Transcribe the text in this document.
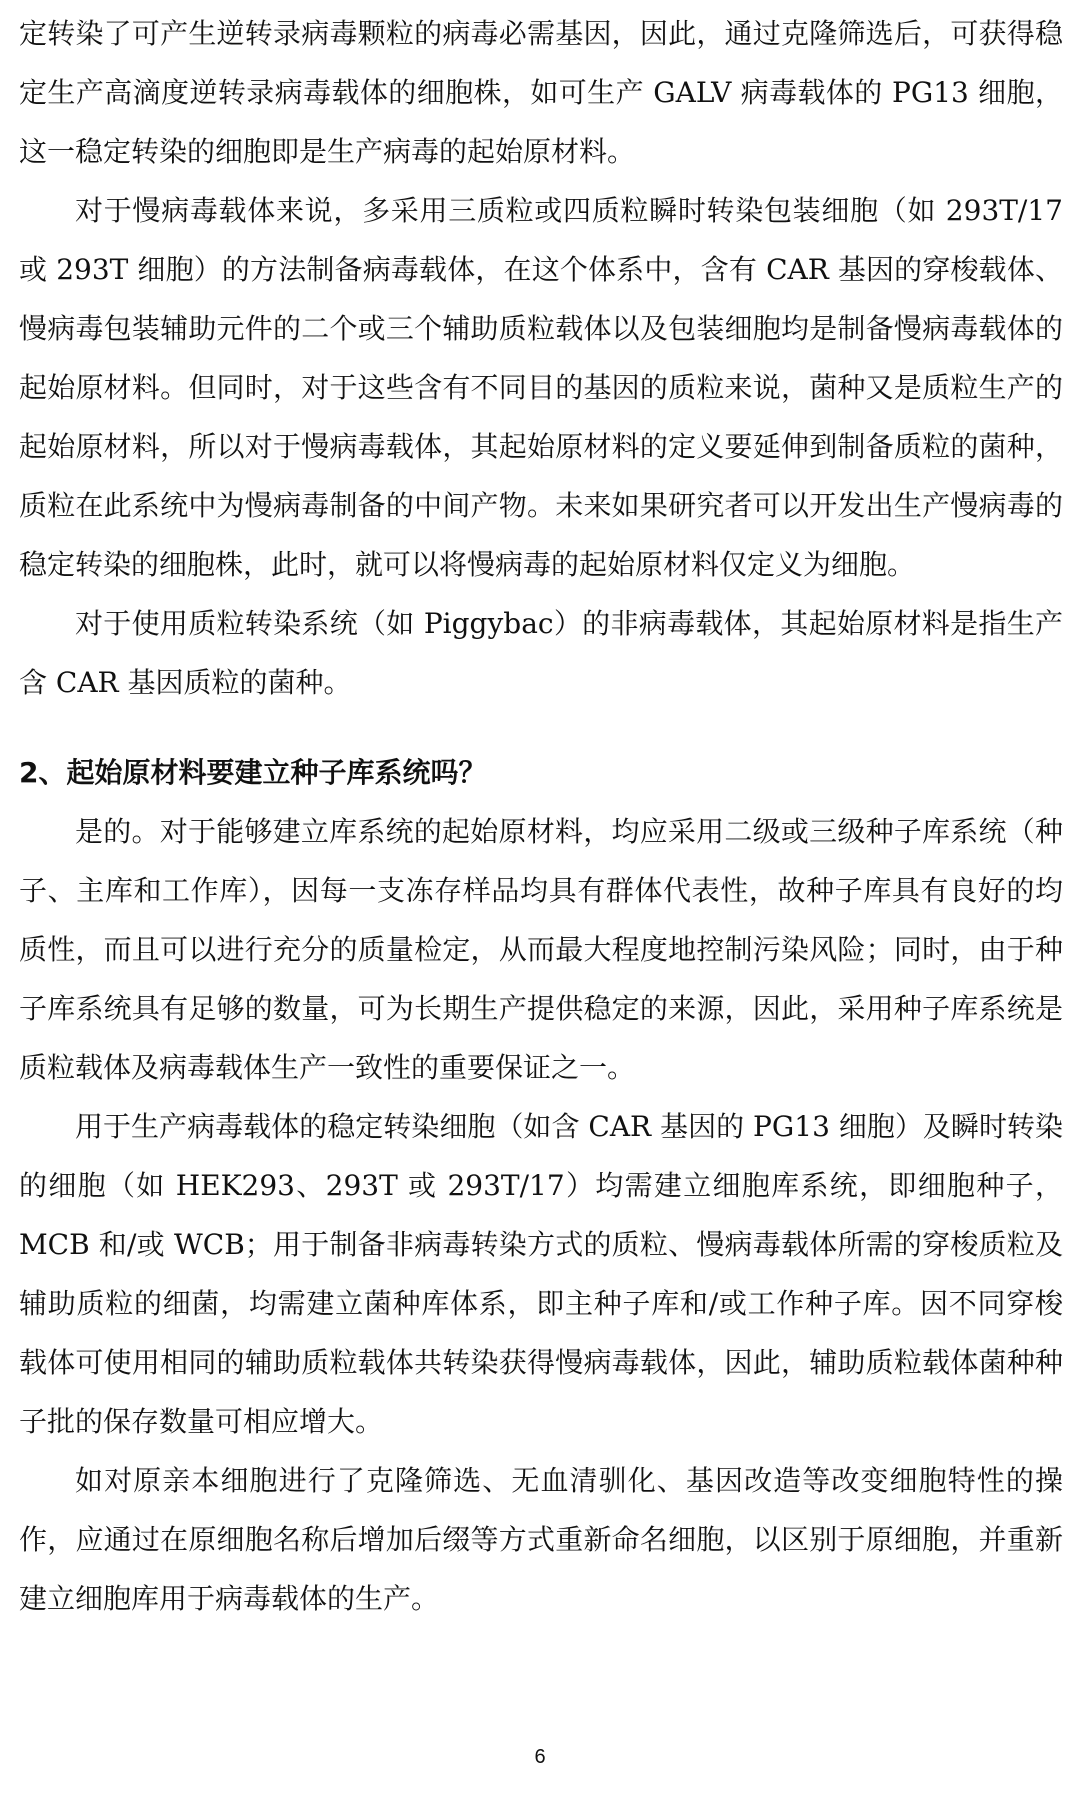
定转染了可产生逆转录病毒颗粒的病毒必需基因，因此，通过克隆筛选后，可获得稳定生产高滴度逆转录病毒载体的细胞株，如可生产 GALV 病毒载体的 PG13 细胞，这一稳定转染的细胞即是生产病毒的起始原材料。

对于慢病毒载体来说，多采用三质粒或四质粒瞬时转染包装细胞（如 293T/17 或 293T 细胞）的方法制备病毒载体，在这个体系中，含有 CAR 基因的穿梭载体、慢病毒包装辅助元件的二个或三个辅助质粒载体以及包装细胞均是制备慢病毒载体的起始原材料。但同时，对于这些含有不同目的基因的质粒来说，菌种又是质粒生产的起始原材料，所以对于慢病毒载体，其起始原材料的定义要延伸到制备质粒的菌种，质粒在此系统中为慢病毒制备的中间产物。未来如果研究者可以开发出生产慢病毒的稳定转染的细胞株，此时，就可以将慢病毒的起始原材料仅定义为细胞。

对于使用质粒转染系统（如 Piggybac）的非病毒载体，其起始原材料是指生产含 CAR 基因质粒的菌种。

2、起始原材料要建立种子库系统吗？

是的。对于能够建立库系统的起始原材料，均应采用二级或三级种子库系统（种子、主库和工作库），因每一支冻存样品均具有群体代表性，故种子库具有良好的均质性，而且可以进行充分的质量检定，从而最大程度地控制污染风险；同时，由于种子库系统具有足够的数量，可为长期生产提供稳定的来源，因此，采用种子库系统是质粒载体及病毒载体生产一致性的重要保证之一。

用于生产病毒载体的稳定转染细胞（如含 CAR 基因的 PG13 细胞）及瞬时转染的细胞（如 HEK293、293T 或 293T/17）均需建立细胞库系统，即细胞种子，MCB 和/或 WCB；用于制备非病毒转染方式的质粒、慢病毒载体所需的穿梭质粒及辅助质粒的细菌，均需建立菌种库体系，即主种子库和/或工作种子库。因不同穿梭载体可使用相同的辅助质粒载体共转染获得慢病毒载体，因此，辅助质粒载体菌种种子批的保存数量可相应增大。

如对原亲本细胞进行了克隆筛选、无血清驯化、基因改造等改变细胞特性的操作，应通过在原细胞名称后增加后缀等方式重新命名细胞，以区别于原细胞，并重新建立细胞库用于病毒载体的生产。

6
